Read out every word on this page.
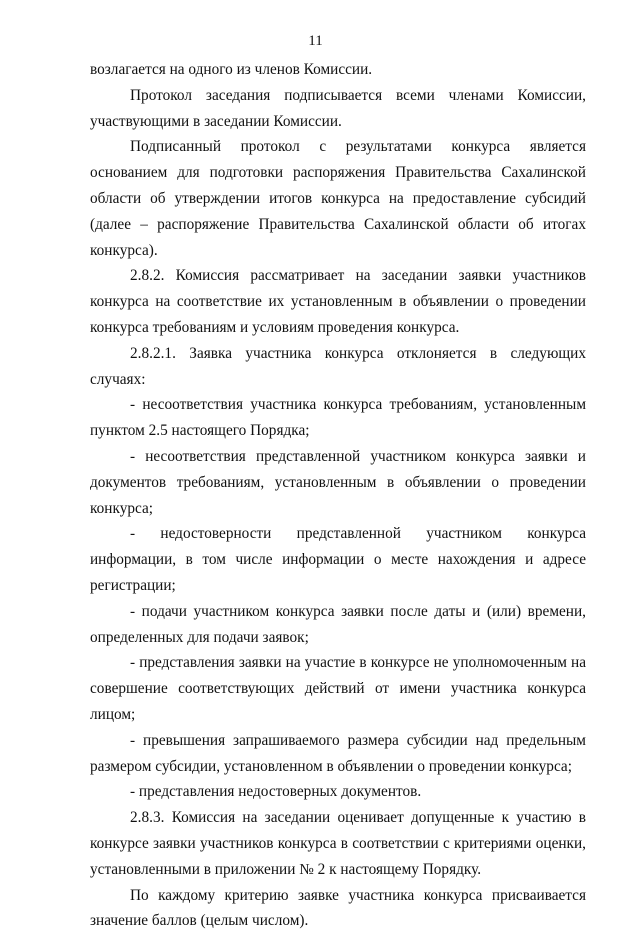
11

возлагается на одного из членов Комиссии.

Протокол заседания подписывается всеми членами Комиссии, участвующими в заседании Комиссии.

Подписанный протокол с результатами конкурса является основанием для подготовки распоряжения Правительства Сахалинской области об утверждении итогов конкурса на предоставление субсидий (далее – распоряжение Правительства Сахалинской области об итогах конкурса).

2.8.2. Комиссия рассматривает на заседании заявки участников конкурса на соответствие их установленным в объявлении о проведении конкурса требованиям и условиям проведения конкурса.

2.8.2.1. Заявка участника конкурса отклоняется в следующих случаях:

- несоответствия участника конкурса требованиям, установленным пунктом 2.5 настоящего Порядка;

- несоответствия представленной участником конкурса заявки и документов требованиям, установленным в объявлении о проведении конкурса;

- недостоверности представленной участником конкурса информации, в том числе информации о месте нахождения и адресе регистрации;

- подачи участником конкурса заявки после даты и (или) времени, определенных для подачи заявок;

- представления заявки на участие в конкурсе не уполномоченным на совершение соответствующих действий от имени участника конкурса лицом;

- превышения запрашиваемого размера субсидии над предельным размером субсидии, установленном в объявлении о проведении конкурса;

- представления недостоверных документов.

2.8.3. Комиссия на заседании оценивает допущенные к участию в конкурсе заявки участников конкурса в соответствии с критериями оценки, установленными в приложении № 2 к настоящему Порядку.

По каждому критерию заявке участника конкурса присваивается значение баллов (целым числом).
